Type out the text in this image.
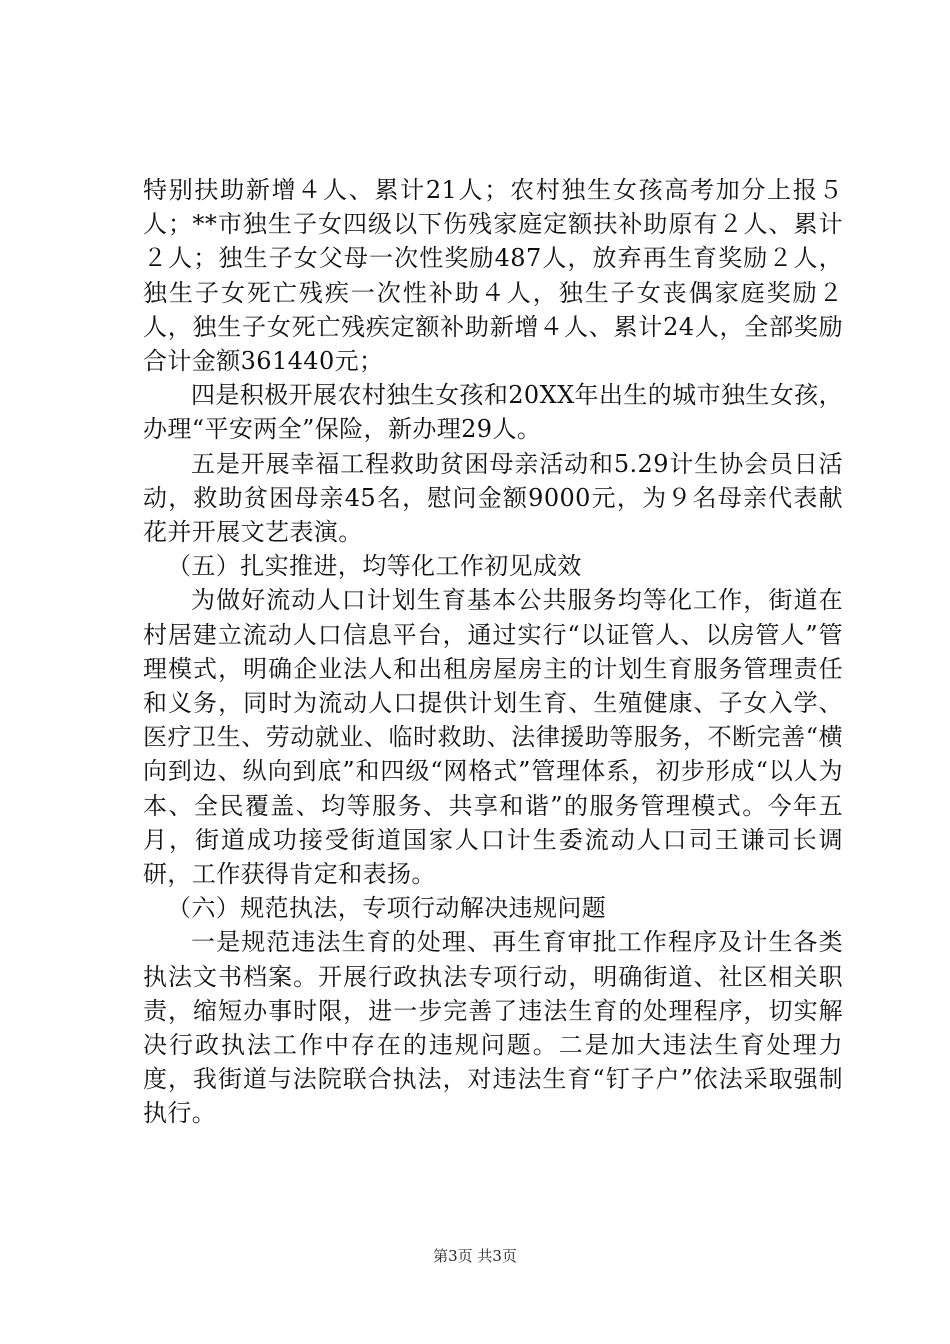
特别扶助新增４人、累计21人；农村独生女孩高考加分上报５人；**市独生子女四级以下伤残家庭定额扶补助原有２人、累计２人；独生子女父母一次性奖励487人，放弃再生育奖励２人，独生子女死亡残疾一次性补助４人，独生子女丧偶家庭奖励２人，独生子女死亡残疾定额补助新增４人、累计24人，全部奖励合计金额361440元；

四是积极开展农村独生女孩和20XX年出生的城市独生女孩，办理“平安两全”保险，新办理29人。

五是开展幸福工程救助贫困母亲活动和5.29计生协会员日活动，救助贫困母亲45名，慰问金额9000元，为９名母亲代表献花并开展文艺表演。

（五）扎实推进，均等化工作初见成效

为做好流动人口计划生育基本公共服务均等化工作，街道在村居建立流动人口信息平台，通过实行“以证管人、以房管人”管理模式，明确企业法人和出租房屋房主的计划生育服务管理责任和义务，同时为流动人口提供计划生育、生殖健康、子女入学、医疗卫生、劳动就业、临时救助、法律援助等服务，不断完善“横向到边、纵向到底”和四级“网格式”管理体系，初步形成“以人为本、全民覆盖、均等服务、共享和谐”的服务管理模式。今年五月，街道成功接受街道国家人口计生委流动人口司王谦司长调研，工作获得肯定和表扬。

（六）规范执法，专项行动解决违规问题

一是规范违法生育的处理、再生育审批工作程序及计生各类执法文书档案。开展行政执法专项行动，明确街道、社区相关职责，缩短办事时限，进一步完善了违法生育的处理程序，切实解决行政执法工作中存在的违规问题。二是加大违法生育处理力度，我街道与法院联合执法，对违法生育“钉子户”依法采取强制执行。

第3页 共3页
